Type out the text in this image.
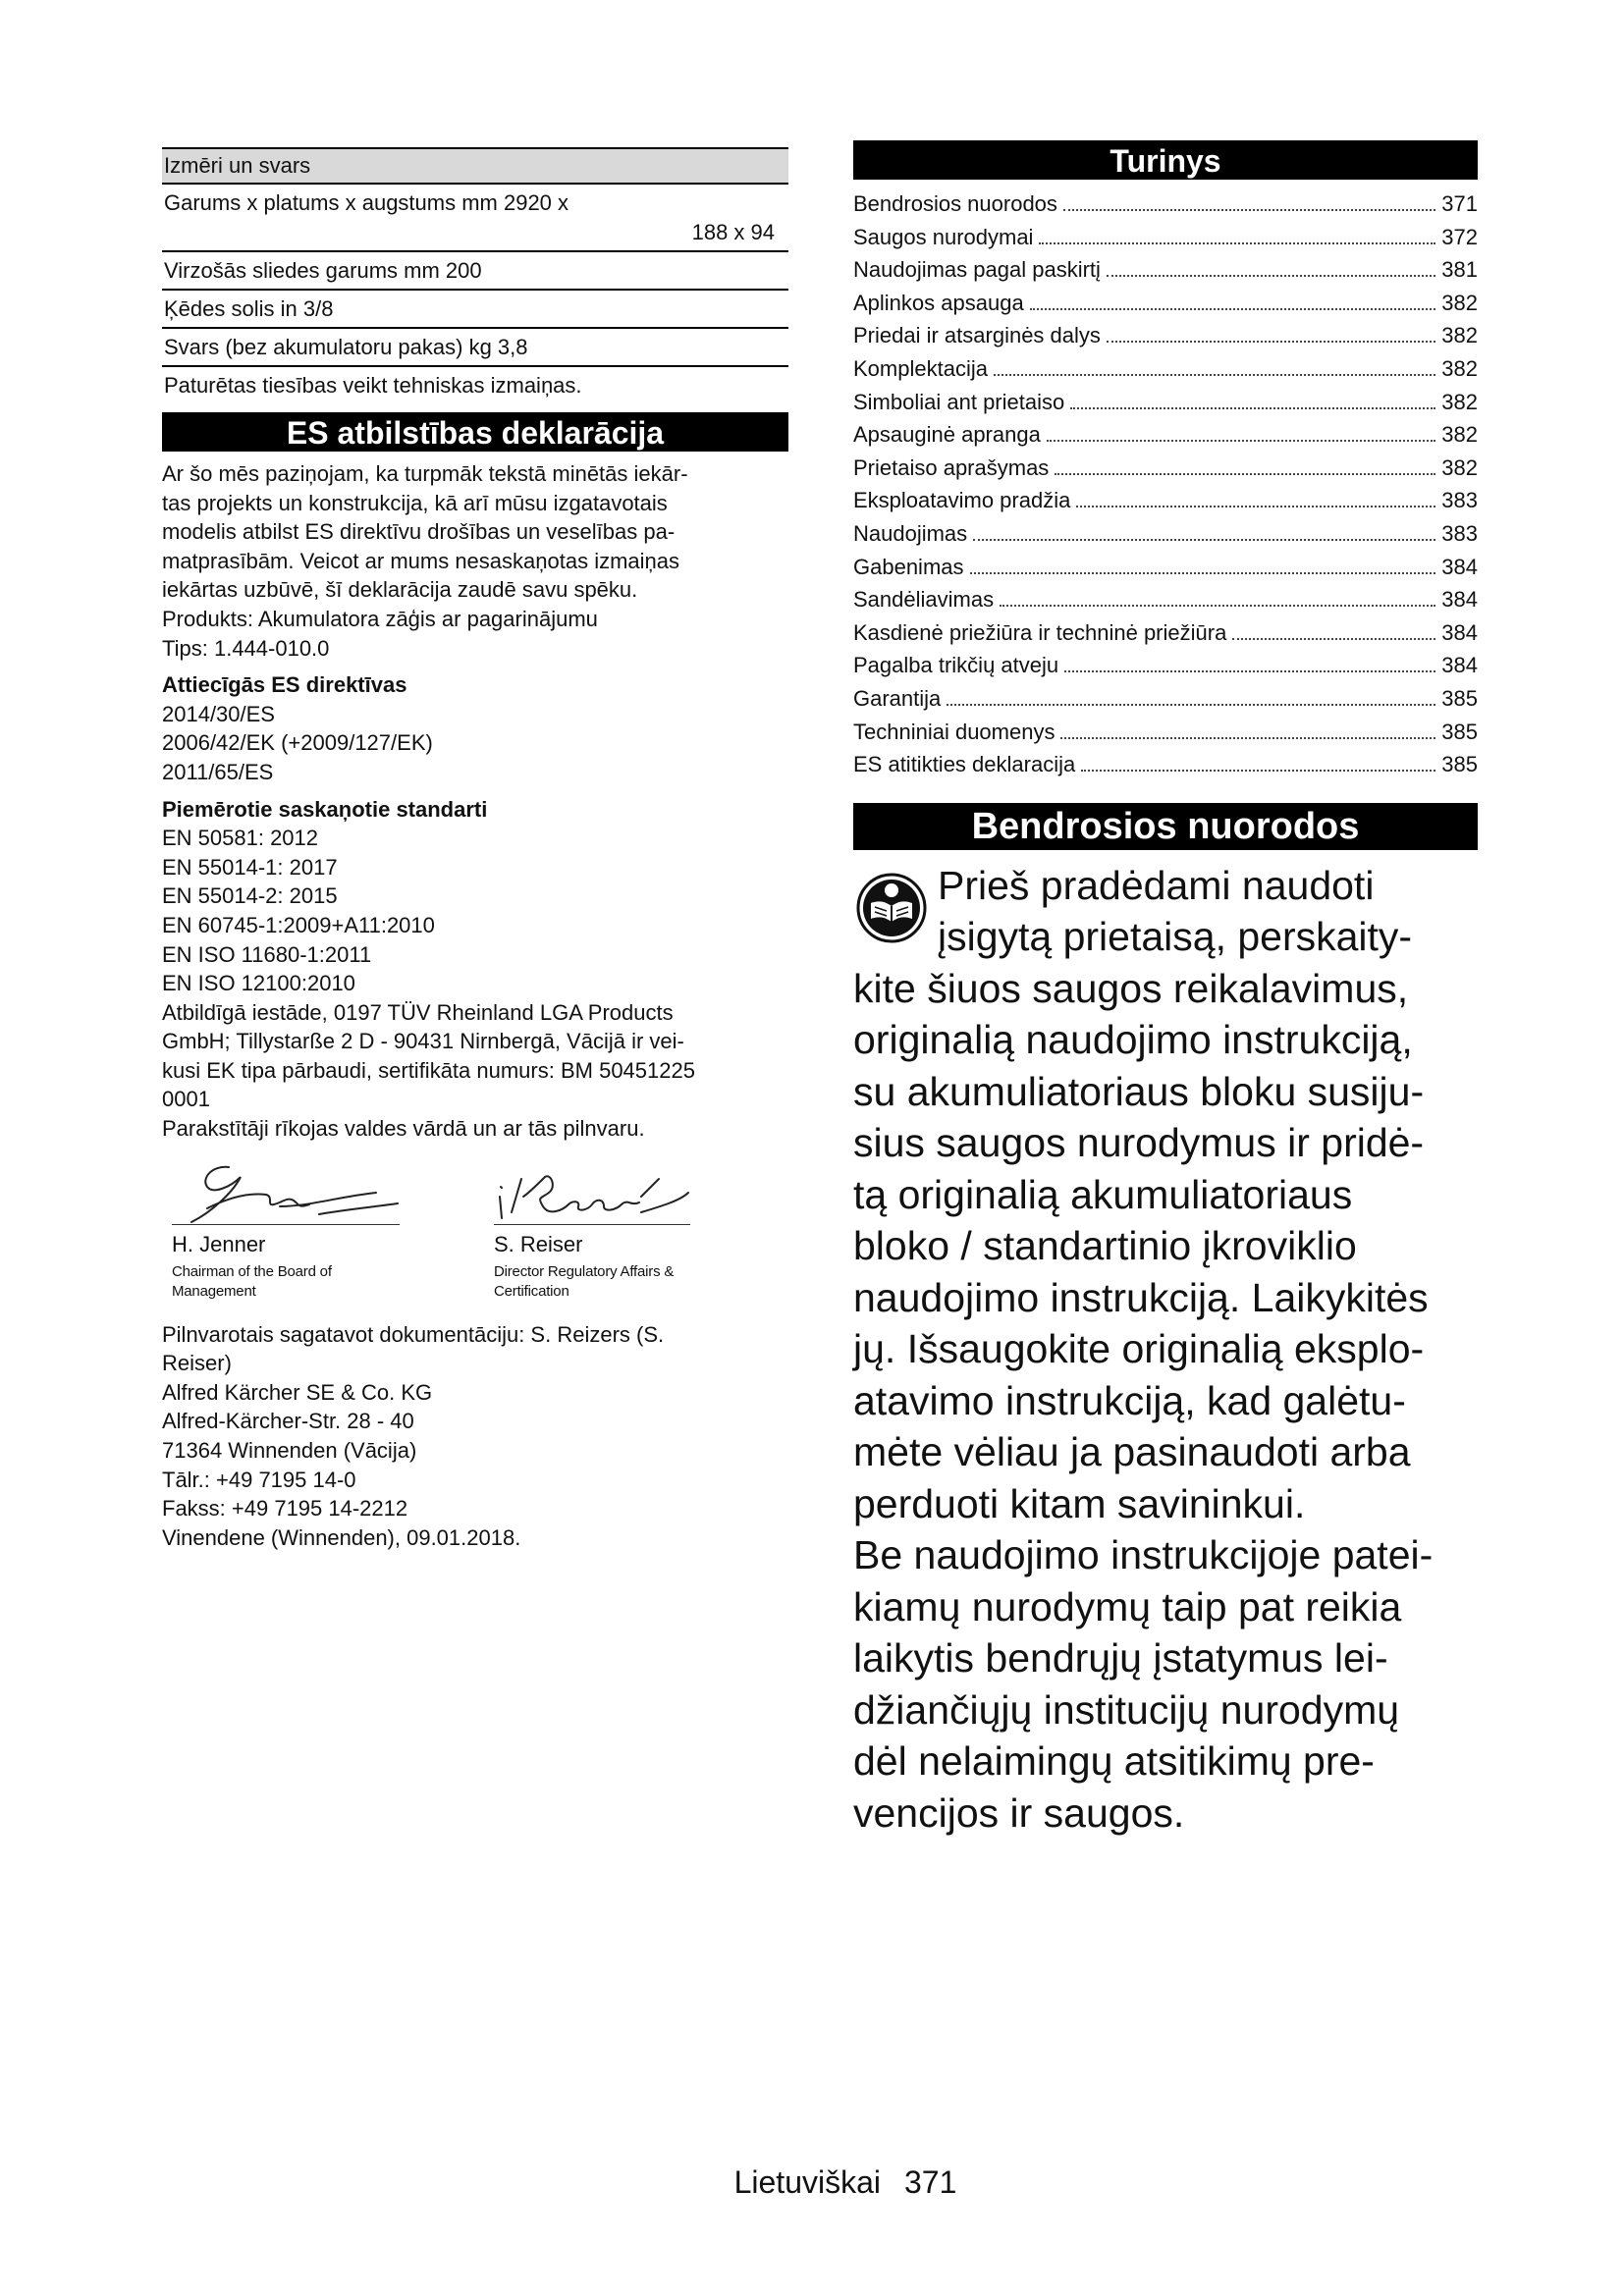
Izmēri un svars
Garums x platums x augstums mm 2920 x
188 x 94
Virzošās sliedes garums mm 200
Ķēdes solis in 3/8
Svars (bez akumulatoru pakas) kg 3,8
Paturētas tiesības veikt tehniskas izmaiņas.
ES atbilstības deklarācija
Ar šo mēs paziņojam, ka turpmāk tekstā minētās iekār-
tas projekts un konstrukcija, kā arī mūsu izgatavotais
modelis atbilst ES direktīvu drošības un veselības pa-
matprasībām. Veicot ar mums nesaskaņotas izmaiņas
iekārtas uzbūvē, šī deklarācija zaudē savu spēku.
Produkts: Akumulatora zāģis ar pagarinājumu
Tips: 1.444-010.0
Attiecīgās ES direktīvas
2014/30/ES
2006/42/EK (+2009/127/EK)
2011/65/ES
Piemērotie saskaņotie standarti
EN 50581: 2012
EN 55014-1: 2017
EN 55014-2: 2015
EN 60745-1:2009+A11:2010
EN ISO 11680-1:2011
EN ISO 12100:2010
Atbildīgā iestāde, 0197 TÜV Rheinland LGA Products
GmbH; Tillystarße 2 D - 90431 Nirnbergā, Vācijā ir vei-
kusi EK tipa pārbaudi, sertifikāta numurs: BM 50451225
0001
Parakstītāji rīkojas valdes vārdā un ar tās pilnvaru.
H. Jenner
Chairman of the Board of Management
S. Reiser
Director Regulatory Affairs & Certification
Pilnvarotais sagatavot dokumentāciju: S. Reizers (S.
Reiser)
Alfred Kärcher SE & Co. KG
Alfred-Kärcher-Str. 28 - 40
71364 Winnenden (Vācija)
Tālr.: +49 7195 14-0
Fakss: +49 7195 14-2212
Vinendene (Winnenden), 09.01.2018.
Turinys
Bendrosios nuorodos	371
Saugos nurodymai	372
Naudojimas pagal paskirtį	381
Aplinkos apsauga	382
Priedai ir atsarginės dalys	382
Komplektacija	382
Simboliai ant prietaiso	382
Apsauginė apranga	382
Prietaiso aprašymas	382
Eksploatavimo pradžia	383
Naudojimas	383
Gabenimas	384
Sandėliavimas	384
Kasdienė priežiūra ir techninė priežiūra	384
Pagalba trikčių atveju	384
Garantija	385
Techniniai duomenys	385
ES atitikties deklaracija	385
Bendrosios nuorodos
Prieš pradėdami naudoti
įsigytą prietaisą, perskaity-
kite šiuos saugos reikalavimus,
originalią naudojimo instrukciją,
su akumuliatoriaus bloku susiju-
sius saugos nurodymus ir pridė-
tą originalią akumuliatoriaus
bloko / standartinio įkroviklio
naudojimo instrukciją. Laikykitės
jų. Išsaugokite originalią eksplo-
atavimo instrukciją, kad galėtu-
mėte vėliau ja pasinaudoti arba
perduoti kitam savininkui.
Be naudojimo instrukcijoje patei-
kiamų nurodymų taip pat reikia
laikytis bendrųjų įstatymus lei-
džiančiųjų institucijų nurodymų
dėl nelaimingų atsitikimų pre-
vencijos ir saugos.
Lietuviškai 371
